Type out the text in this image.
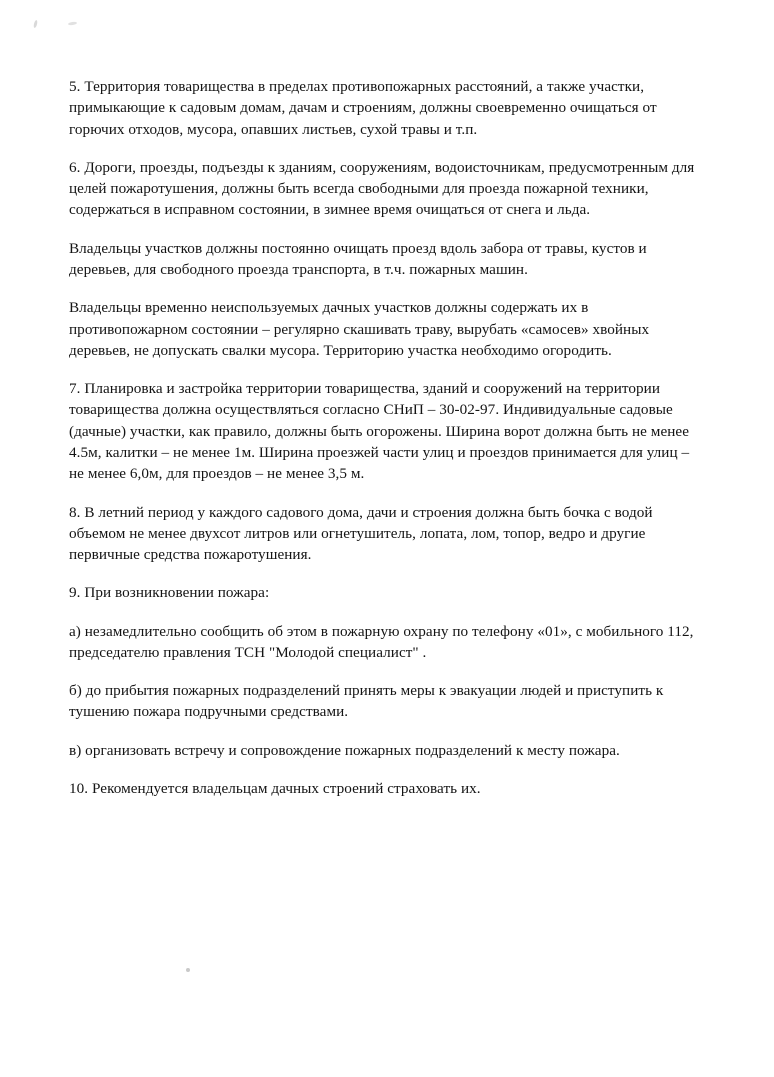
5. Территория товарищества в пределах противопожарных расстояний, а также участки, примыкающие к садовым домам, дачам и строениям, должны своевременно очищаться от горючих отходов, мусора, опавших листьев, сухой травы и т.п.

6. Дороги, проезды, подъезды к зданиям, сооружениям, водоисточникам, предусмотренным для целей пожаротушения, должны быть всегда свободными для проезда пожарной техники, содержаться в исправном состоянии, в зимнее время очищаться от снега и льда.

Владельцы участков должны постоянно очищать проезд вдоль забора от травы, кустов и деревьев, для свободного проезда транспорта, в т.ч. пожарных машин.

Владельцы временно неиспользуемых дачных участков должны содержать их в противопожарном состоянии – регулярно скашивать траву, вырубать «самосев» хвойных деревьев, не допускать свалки мусора. Территорию участка необходимо огородить.

7. Планировка и застройка территории товарищества, зданий и сооружений на территории товарищества должна осуществляться согласно СНиП – 30-02-97. Индивидуальные садовые (дачные) участки, как правило, должны быть огорожены. Ширина ворот должна быть не менее 4.5м, калитки – не менее 1м. Ширина проезжей части улиц и проездов принимается для улиц – не менее 6,0м, для проездов – не менее 3,5 м.

8. В летний период у каждого садового дома, дачи и строения должна быть бочка с водой объемом не менее двухсот литров или огнетушитель, лопата, лом, топор, ведро и другие первичные средства пожаротушения.

9. При возникновении пожара:

а) незамедлительно сообщить об этом в пожарную охрану по телефону «01», с мобильного 112, председателю правления ТСН "Молодой специалист" .

б) до прибытия пожарных подразделений принять меры к эвакуации людей и приступить к тушению пожара подручными средствами.

в) организовать встречу и сопровождение пожарных подразделений к месту пожара.

10. Рекомендуется владельцам дачных строений страховать их.
